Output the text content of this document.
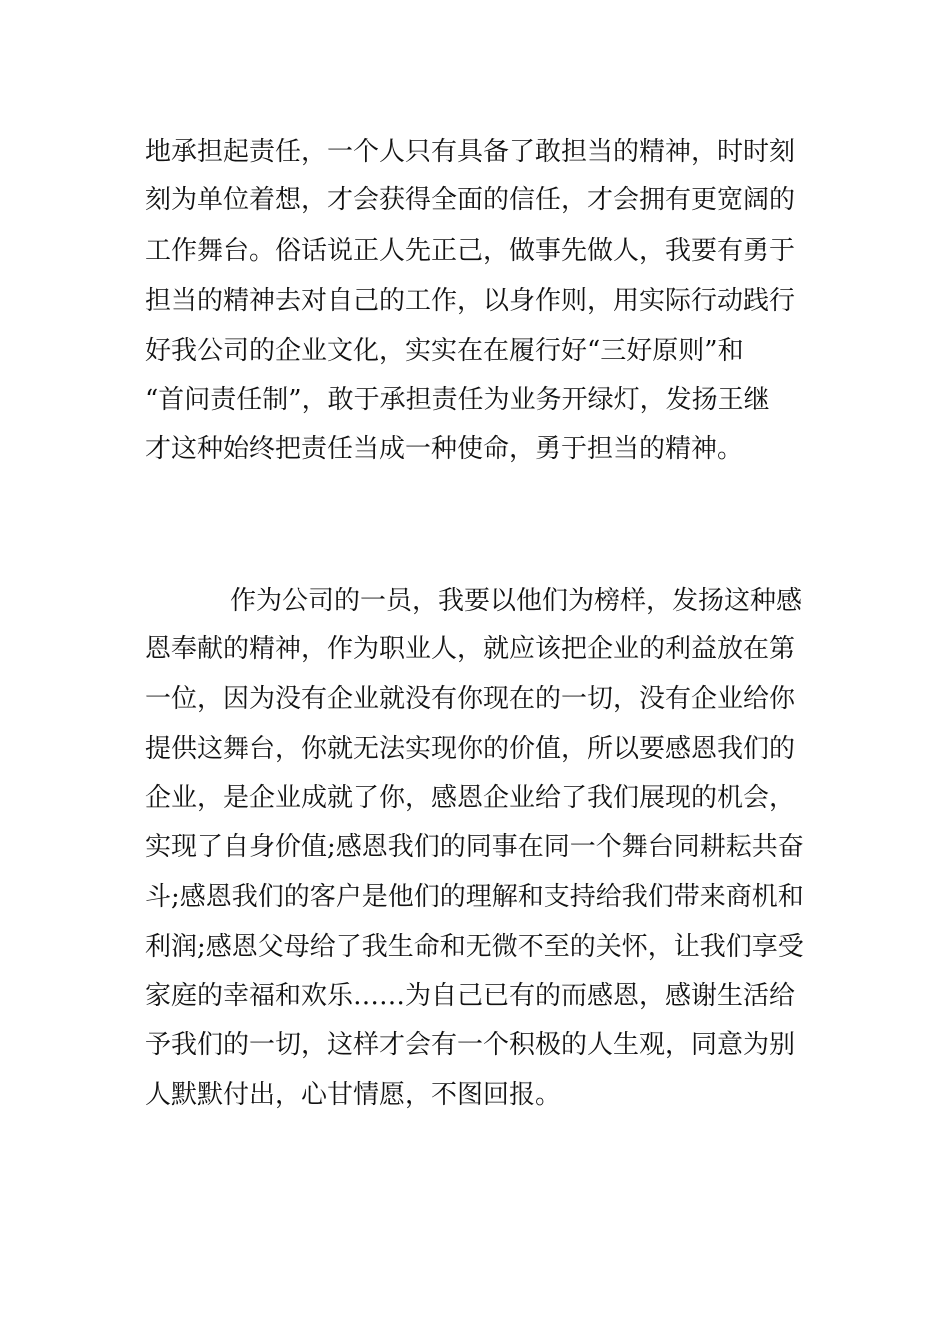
地承担起责任，一个人只有具备了敢担当的精神，时时刻
刻为单位着想，才会获得全面的信任，才会拥有更宽阔的
工作舞台。俗话说正人先正己，做事先做人，我要有勇于
担当的精神去对自己的工作，以身作则，用实际行动践行
好我公司的企业文化，实实在在履行好“三好原则”和
“首问责任制”，敢于承担责任为业务开绿灯，发扬王继
才这种始终把责任当成一种使命，勇于担当的精神。
作为公司的一员，我要以他们为榜样，发扬这种感
恩奉献的精神，作为职业人，就应该把企业的利益放在第
一位，因为没有企业就没有你现在的一切，没有企业给你
提供这舞台，你就无法实现你的价值，所以要感恩我们的
企业，是企业成就了你，感恩企业给了我们展现的机会，
实现了自身价值;感恩我们的同事在同一个舞台同耕耘共奋
斗;感恩我们的客户是他们的理解和支持给我们带来商机和
利润;感恩父母给了我生命和无微不至的关怀，让我们享受
家庭的幸福和欢乐……为自己已有的而感恩，感谢生活给
予我们的一切，这样才会有一个积极的人生观，同意为别
人默默付出，心甘情愿，不图回报。
